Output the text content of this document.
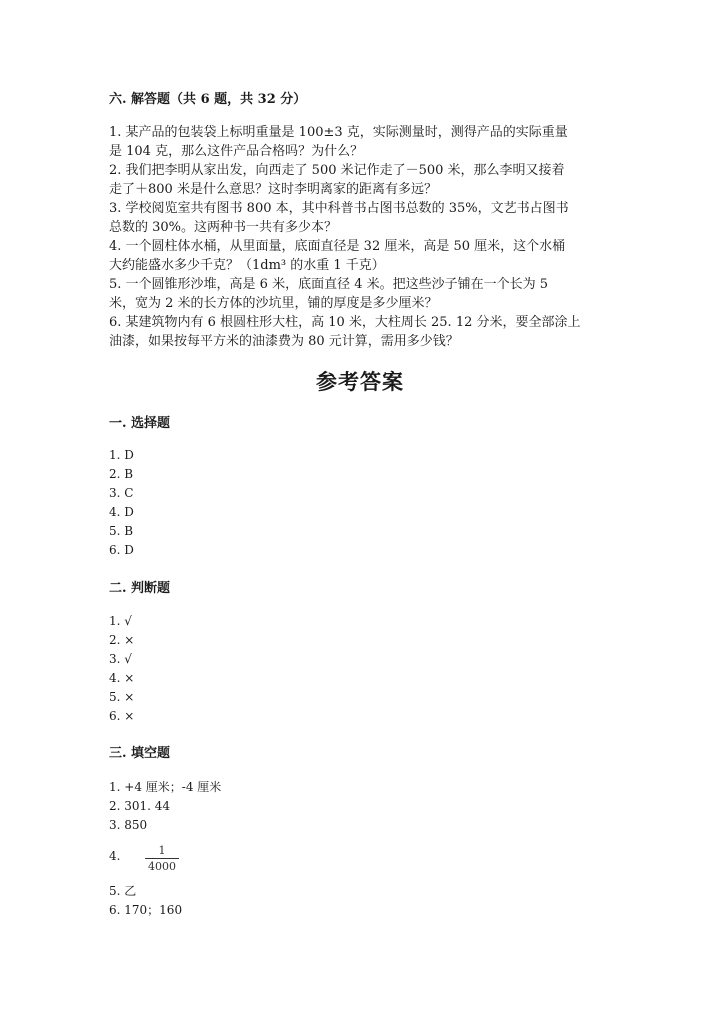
六. 解答题（共 6 题，共 32 分）
1. 某产品的包装袋上标明重量是 100±3 克，实际测量时，测得产品的实际重量
是 104 克，那么这件产品合格吗？为什么？
2. 我们把李明从家出发，向西走了 500 米记作走了－500 米，那么李明又接着
走了＋800 米是什么意思？这时李明离家的距离有多远？
3. 学校阅览室共有图书 800 本，其中科普书占图书总数的 35%，文艺书占图书
总数的 30%。这两种书一共有多少本？
4. 一个圆柱体水桶，从里面量，底面直径是 32 厘米，高是 50 厘米，这个水桶
大约能盛水多少千克？（1dm³ 的水重 1 千克）
5. 一个圆锥形沙堆，高是 6 米，底面直径 4 米。把这些沙子铺在一个长为 5
米，宽为 2 米的长方体的沙坑里，铺的厚度是多少厘米？
6. 某建筑物内有 6 根圆柱形大柱，高 10 米，大柱周长 25. 12 分米，要全部涂上
油漆，如果按每平方米的油漆费为 80 元计算，需用多少钱？
参考答案
一. 选择题
1. D
2. B
3. C
4. D
5. B
6. D
二. 判断题
1. √
2. ×
3. √
4. ×
5. ×
6. ×
三. 填空题
1. +4 厘米；-4 厘米
2. 301. 44
3. 850
4.	1
4000
5. 乙
6. 170；160
